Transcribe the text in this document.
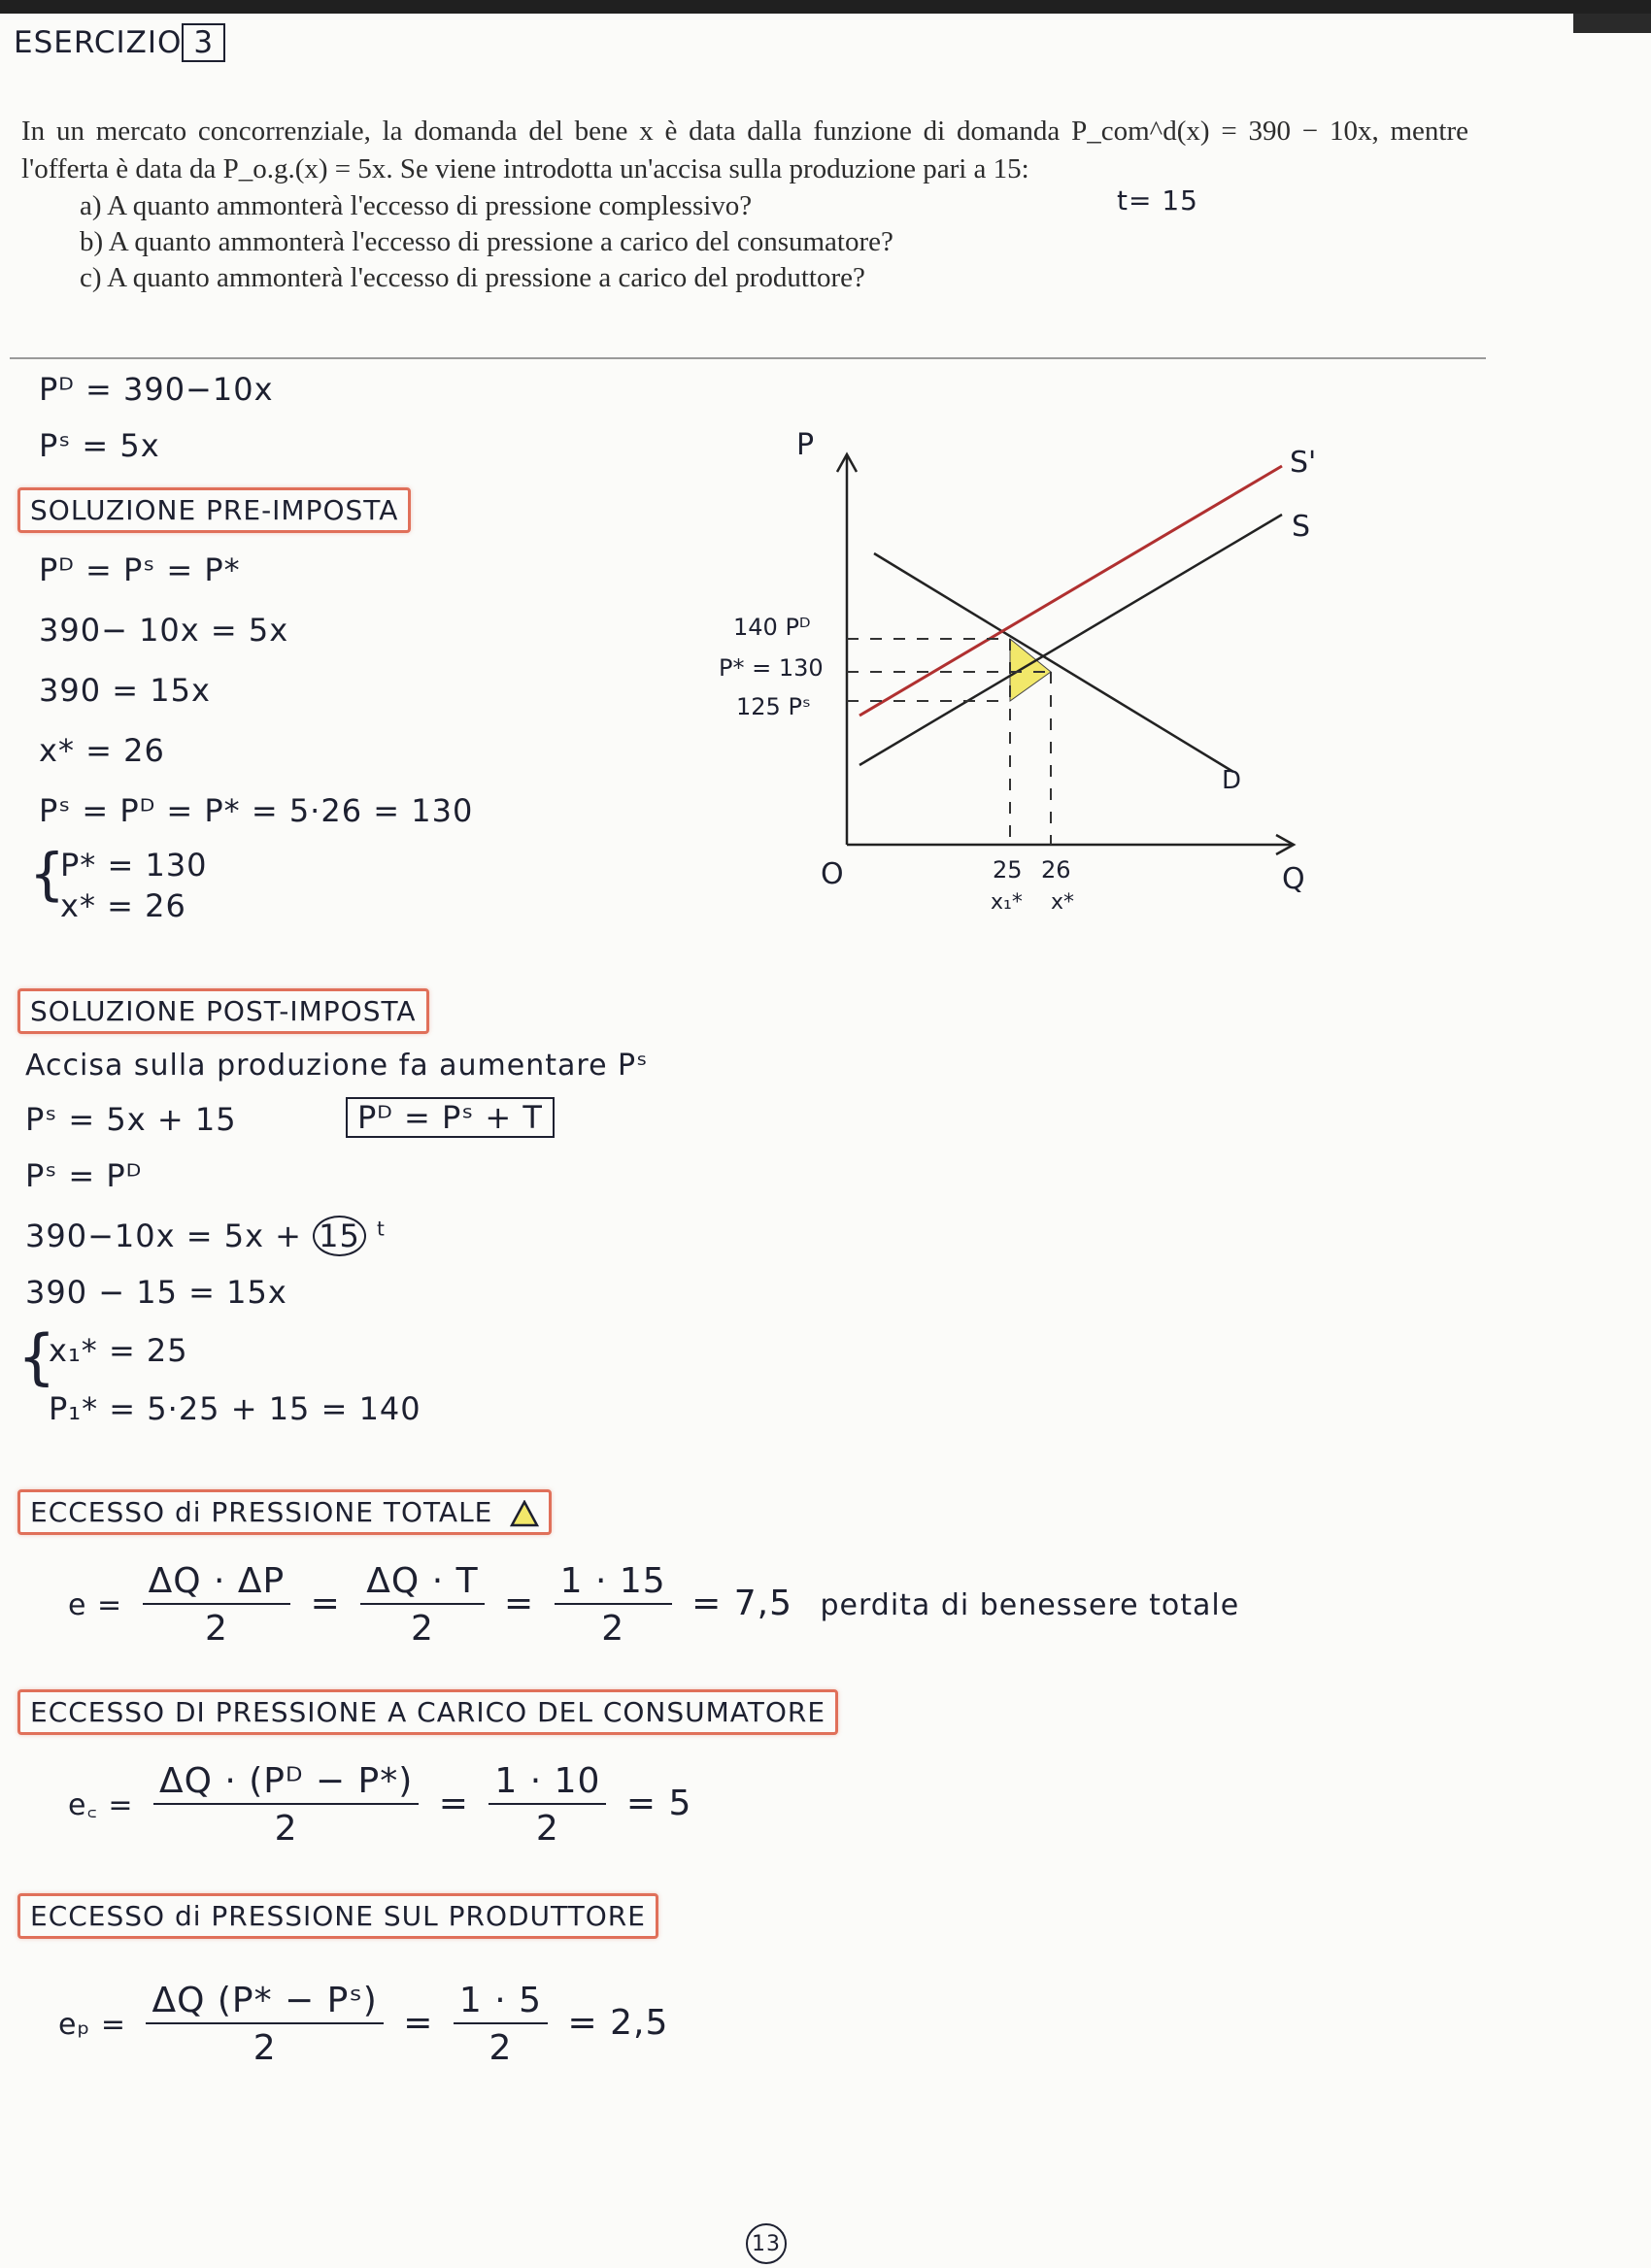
ESERCIZIO 3
In un mercato concorrenziale, la domanda del bene x è data dalla funzione di domanda P_com^d(x) = 390 − 10x, mentre l'offerta è data da P_o.g.(x) = 5x. Se viene introdotta un'accisa sulla produzione pari a 15:
a) A quanto ammonterà l'eccesso di pressione complessivo?
b) A quanto ammonterà l'eccesso di pressione a carico del consumatore?
c) A quanto ammonterà l'eccesso di pressione a carico del produttore?
t= 15
Pᴰ = 390−10x
Pˢ = 5x
SOLUZIONE PRE-IMPOSTA
Pᴰ = Pˢ = P*
390− 10x = 5x
390 = 15x
x* = 26
Pˢ = Pᴰ = P* = 5·26 = 130
{
P* = 130
x* = 26
P
Q
O
S'
S
D
140 Pᴰ
P* = 130
125 Pˢ
25 26
x₁* x*
SOLUZIONE POST-IMPOSTA
Accisa sulla produzione fa aumentare Pˢ
Pˢ = 5x + 15	Pᴰ = Pˢ + T
Pˢ = Pᴰ
390−10x = 5x + 15 $^t$
390 − 15 = 15x
{
x₁* = 25
P₁* = 5·25 + 15 = 140
ECCESSO di PRESSIONE TOTALE
$e = \frac{\Delta Q \cdot \Delta P}{2} = \frac{\Delta Q \cdot T}{2} = \frac{1 \cdot 15}{2} = 7,5$ perdita di benessere totale
ECCESSO DI PRESSIONE A CARICO DEL CONSUMATORE
e꜀ = $\frac{\text{ΔQ · (Pᴰ − P*)}}{2} = \frac{1 \cdot 10}{2} = 5$
ECCESSO di PRESSIONE SUL PRODUTTORE
$e_p = \frac{\text{ΔQ (P* − Pˢ)}}{2} = \frac{1 \cdot 5}{2} = 2,5$
13
